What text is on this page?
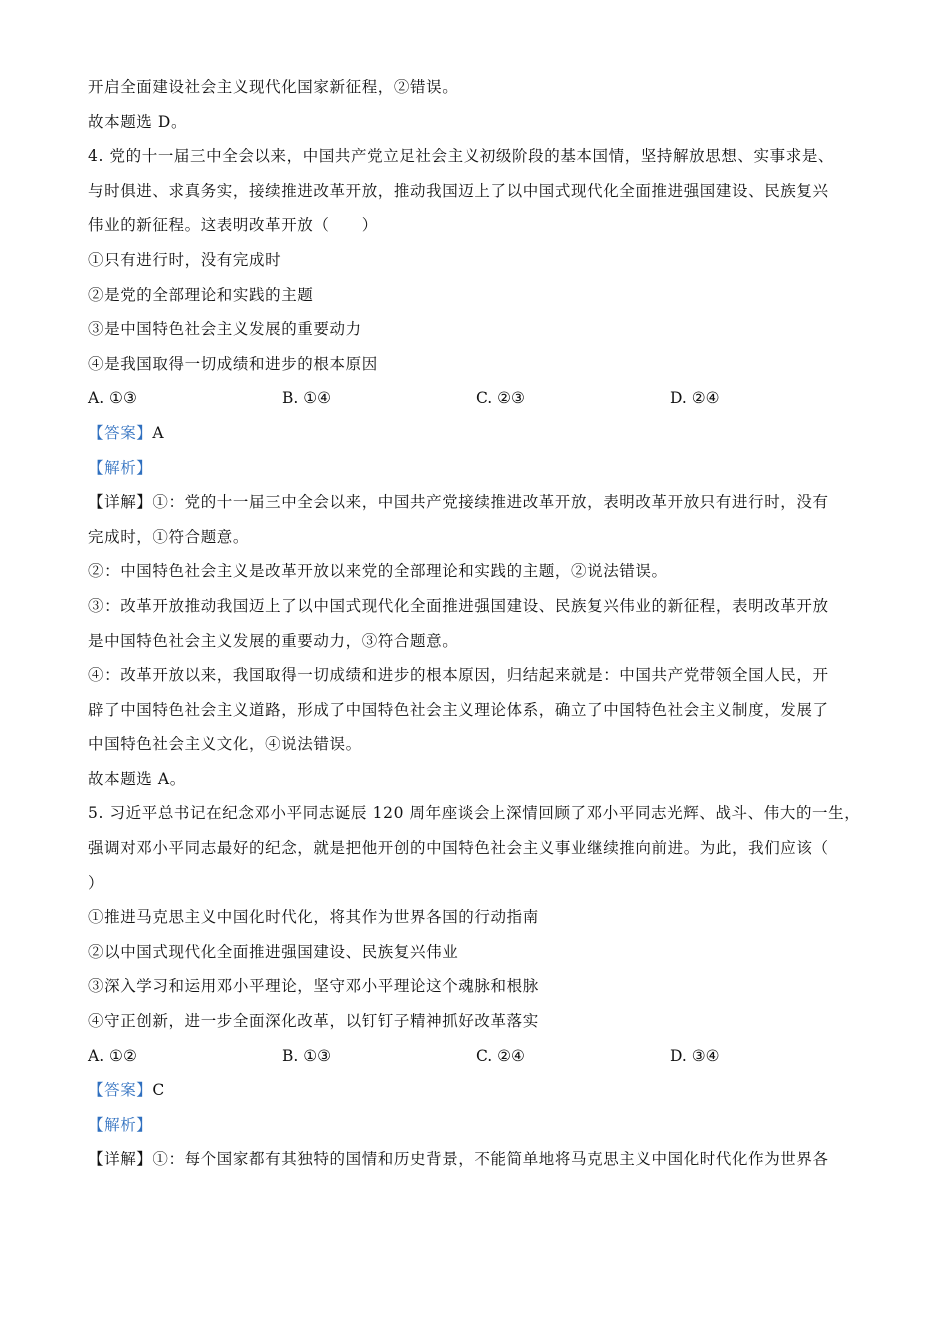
开启全面建设社会主义现代化国家新征程，②错误。
故本题选 D。
4. 党的十一届三中全会以来，中国共产党立足社会主义初级阶段的基本国情，坚持解放思想、实事求是、
与时俱进、求真务实，接续推进改革开放，推动我国迈上了以中国式现代化全面推进强国建设、民族复兴
伟业的新征程。这表明改革开放（　　）
①只有进行时，没有完成时
②是党的全部理论和实践的主题
③是中国特色社会主义发展的重要动力
④是我国取得一切成绩和进步的根本原因
A. ①③	B. ①④	C. ②③	D. ②④
【答案】A
【解析】
【详解】①：党的十一届三中全会以来，中国共产党接续推进改革开放，表明改革开放只有进行时，没有
完成时，①符合题意。
②：中国特色社会主义是改革开放以来党的全部理论和实践的主题，②说法错误。
③：改革开放推动我国迈上了以中国式现代化全面推进强国建设、民族复兴伟业的新征程，表明改革开放
是中国特色社会主义发展的重要动力，③符合题意。
④：改革开放以来，我国取得一切成绩和进步的根本原因，归结起来就是：中国共产党带领全国人民，开
辟了中国特色社会主义道路，形成了中国特色社会主义理论体系，确立了中国特色社会主义制度，发展了
中国特色社会主义文化，④说法错误。
故本题选 A。
5. 习近平总书记在纪念邓小平同志诞辰 120 周年座谈会上深情回顾了邓小平同志光辉、战斗、伟大的一生，
强调对邓小平同志最好的纪念，就是把他开创的中国特色社会主义事业继续推向前进。为此，我们应该（
）
①推进马克思主义中国化时代化，将其作为世界各国的行动指南
②以中国式现代化全面推进强国建设、民族复兴伟业
③深入学习和运用邓小平理论，坚守邓小平理论这个魂脉和根脉
④守正创新，进一步全面深化改革，以钉钉子精神抓好改革落实
A. ①②	B. ①③	C. ②④	D. ③④
【答案】C
【解析】
【详解】①：每个国家都有其独特的国情和历史背景，不能简单地将马克思主义中国化时代化作为世界各
